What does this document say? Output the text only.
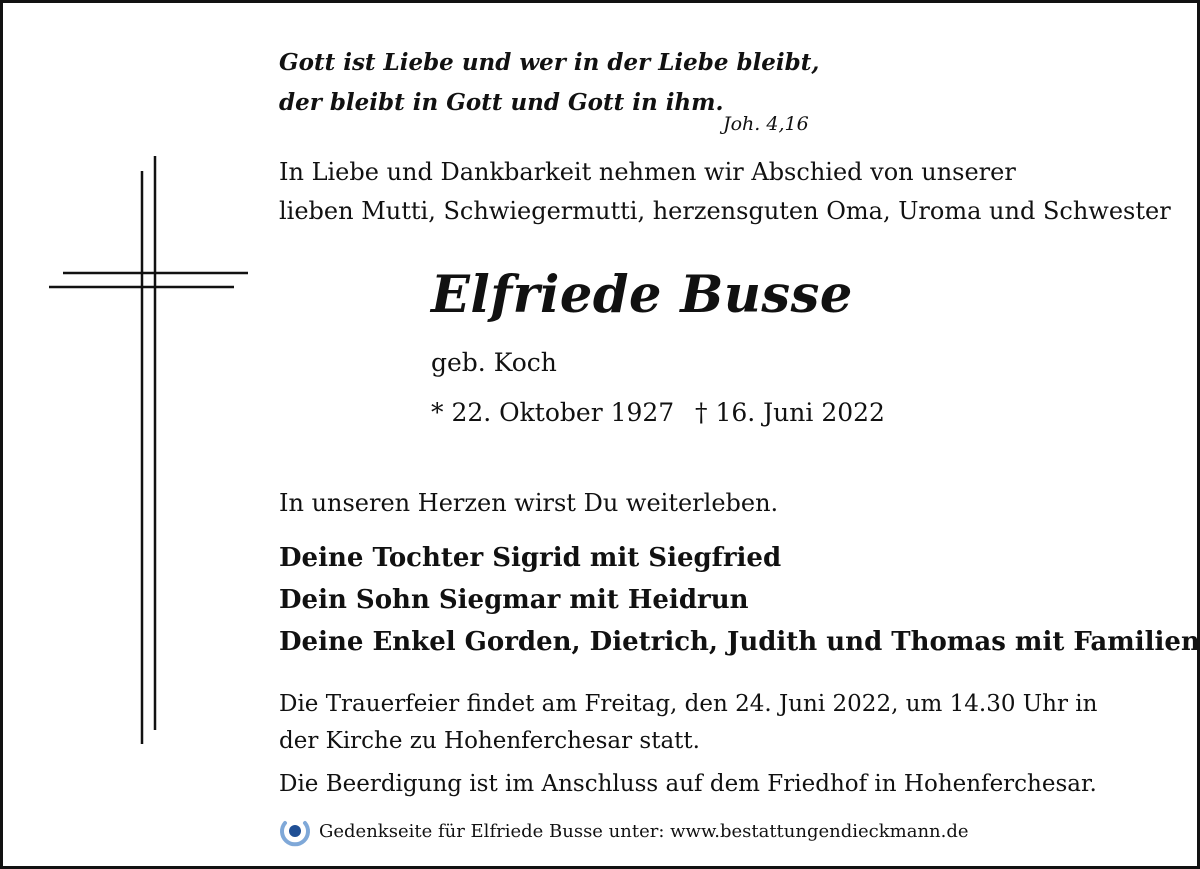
Gott ist Liebe und wer in der Liebe bleibt,
der bleibt in Gott und Gott in ihm.
Joh. 4,16
In Liebe und Dankbarkeit nehmen wir Abschied von unserer
lieben Mutti, Schwiegermutti, herzensguten Oma, Uroma und Schwester
Elfriede Busse
geb. Koch
* 22. Oktober 1927 † 16. Juni 2022
In unseren Herzen wirst Du weiterleben.
Deine Tochter Sigrid mit Siegfried
Dein Sohn Siegmar mit Heidrun
Deine Enkel Gorden, Dietrich, Judith und Thomas mit Familien
Die Trauerfeier findet am Freitag, den 24. Juni 2022, um 14.30 Uhr in
der Kirche zu Hohenferchesar statt.
Die Beerdigung ist im Anschluss auf dem Friedhof in Hohenferchesar.
Gedenkseite für Elfriede Busse unter: www.bestattungendieckmann.de
